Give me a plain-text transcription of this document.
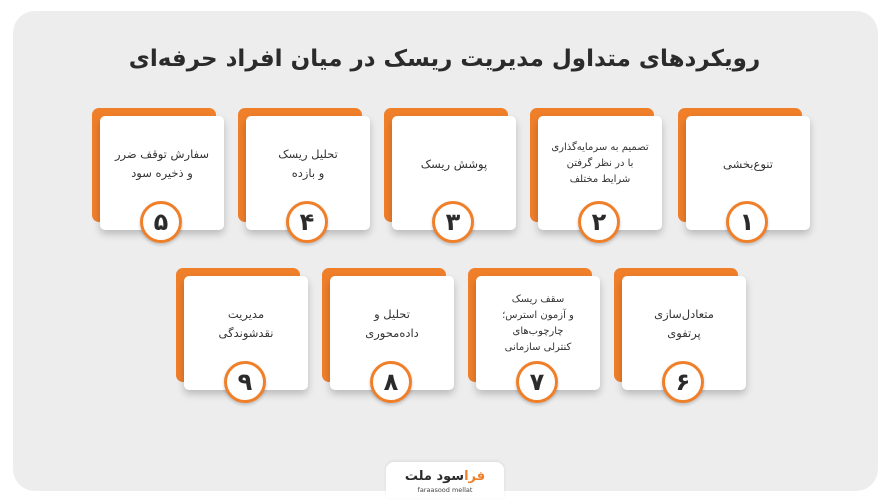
رویکردهای متداول مدیریت ریسک در میان افراد حرفه‌ای
تنوع‌بخشی
۱
تصمیم به سرمایه‌گذاری
با در نظر گرفتن
شرایط مختلف
۲
پوشش ریسک
۳
تحلیل ریسک
و بازده
۴
سفارش توقف ضرر
و ذخیره سود
۵
متعادل‌سازی
پرتفوی
۶
سقف ریسک
و آزمون استرس؛
چارچوب‌های
کنترلی سازمانی
۷
تحلیل و
داده‌محوری
۸
مدیریت
نقدشوندگی
۹
فراسود ملت
faraasood mellat
